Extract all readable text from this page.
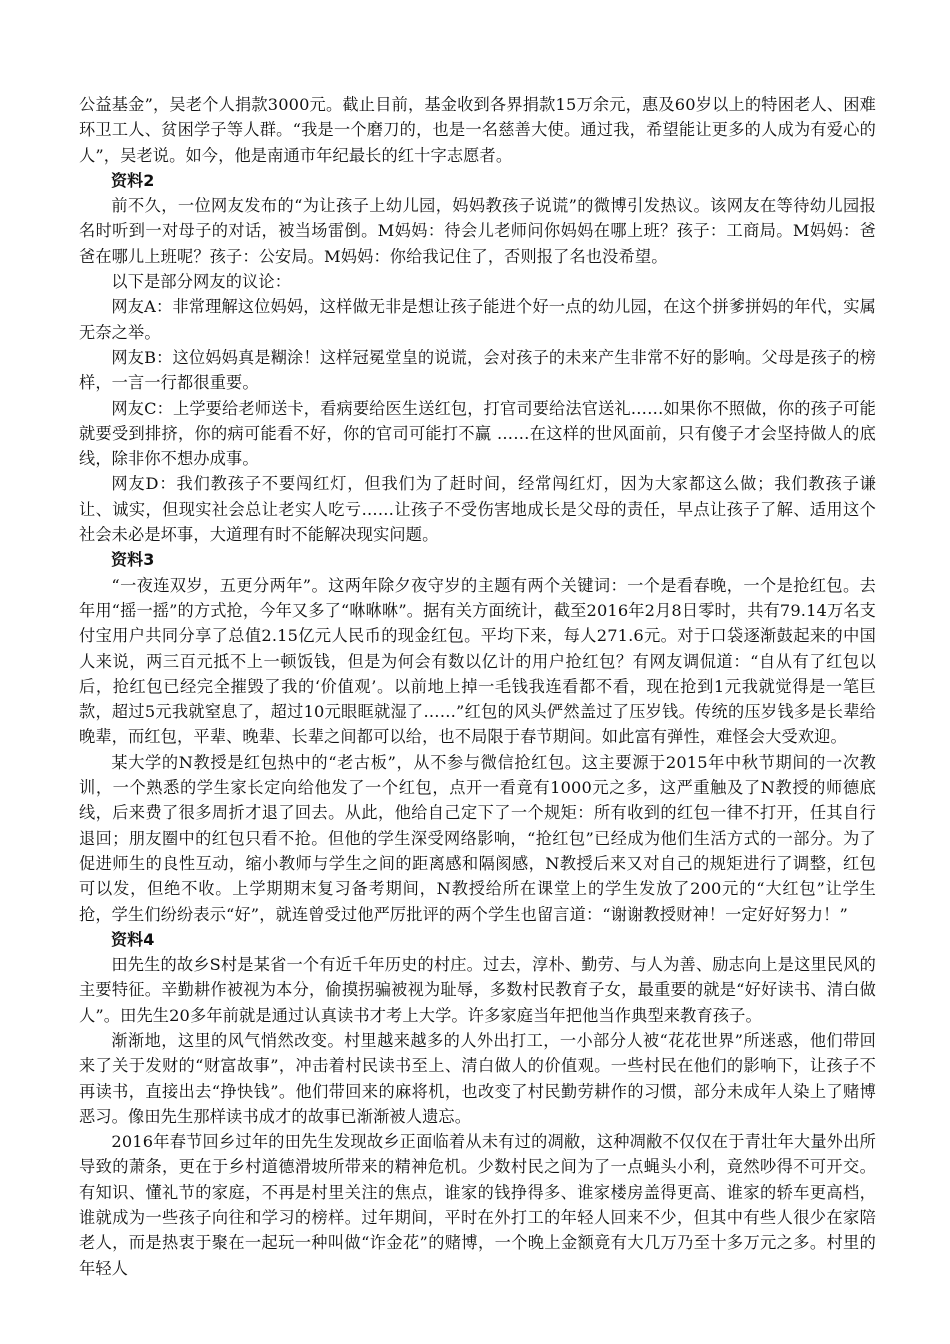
公益基金”，吴老个人捐款3000元。截止目前，基金收到各界捐款15万余元，惠及60岁以上的特困老人、困难环卫工人、贫困学子等人群。“我是一个磨刀的，也是一名慈善大使。通过我，希望能让更多的人成为有爱心的人”，吴老说。如今，他是南通市年纪最长的红十字志愿者。

资料2

前不久，一位网友发布的“为让孩子上幼儿园，妈妈教孩子说谎”的微博引发热议。该网友在等待幼儿园报名时听到一对母子的对话，被当场雷倒。M妈妈：待会儿老师问你妈妈在哪上班？孩子：工商局。M妈妈：爸爸在哪儿上班呢？孩子：公安局。M妈妈：你给我记住了，否则报了名也没希望。

以下是部分网友的议论：

网友A：非常理解这位妈妈，这样做无非是想让孩子能进个好一点的幼儿园，在这个拼爹拼妈的年代，实属无奈之举。

网友B：这位妈妈真是糊涂！这样冠冕堂皇的说谎，会对孩子的未来产生非常不好的影响。父母是孩子的榜样，一言一行都很重要。

网友C：上学要给老师送卡，看病要给医生送红包，打官司要给法官送礼……如果你不照做，你的孩子可能就要受到排挤，你的病可能看不好，你的官司可能打不赢 ……在这样的世风面前，只有傻子才会坚持做人的底线，除非你不想办成事。

网友D：我们教孩子不要闯红灯，但我们为了赶时间，经常闯红灯，因为大家都这么做；我们教孩子谦让、诚实，但现实社会总让老实人吃亏……让孩子不受伤害地成长是父母的责任，早点让孩子了解、适用这个社会未必是坏事，大道理有时不能解决现实问题。

资料3

“一夜连双岁，五更分两年”。这两年除夕夜守岁的主题有两个关键词：一个是看春晚，一个是抢红包。去年用“摇一摇”的方式抢，今年又多了“咻咻咻”。据有关方面统计，截至2016年2月8日零时，共有79.14万名支付宝用户共同分享了总值2.15亿元人民币的现金红包。平均下来，每人271.6元。对于口袋逐渐鼓起来的中国人来说，两三百元抵不上一顿饭钱，但是为何会有数以亿计的用户抢红包？有网友调侃道：“自从有了红包以后，抢红包已经完全摧毁了我的‘价值观’。以前地上掉一毛钱我连看都不看，现在抢到1元我就觉得是一笔巨款，超过5元我就窒息了，超过10元眼眶就湿了……”红包的风头俨然盖过了压岁钱。传统的压岁钱多是长辈给晚辈，而红包，平辈、晚辈、长辈之间都可以给，也不局限于春节期间。如此富有弹性，难怪会大受欢迎。

某大学的N教授是红包热中的“老古板”，从不参与微信抢红包。这主要源于2015年中秋节期间的一次教训，一个熟悉的学生家长定向给他发了一个红包，点开一看竟有1000元之多，这严重触及了N教授的师德底线，后来费了很多周折才退了回去。从此，他给自己定下了一个规矩：所有收到的红包一律不打开，任其自行退回；朋友圈中的红包只看不抢。但他的学生深受网络影响，“抢红包”已经成为他们生活方式的一部分。为了促进师生的良性互动，缩小教师与学生之间的距离感和隔阂感，N教授后来又对自己的规矩进行了调整，红包可以发，但绝不收。上学期期末复习备考期间，N教授给所在课堂上的学生发放了200元的“大红包”让学生抢，学生们纷纷表示“好”，就连曾受过他严厉批评的两个学生也留言道：“谢谢教授财神！一定好好努力！”

资料4

田先生的故乡S村是某省一个有近千年历史的村庄。过去，淳朴、勤劳、与人为善、励志向上是这里民风的主要特征。辛勤耕作被视为本分，偷摸拐骗被视为耻辱，多数村民教育子女，最重要的就是“好好读书、清白做人”。田先生20多年前就是通过认真读书才考上大学。许多家庭当年把他当作典型来教育孩子。

渐渐地，这里的风气悄然改变。村里越来越多的人外出打工，一小部分人被“花花世界”所迷惑，他们带回来了关于发财的“财富故事”，冲击着村民读书至上、清白做人的价值观。一些村民在他们的影响下，让孩子不再读书，直接出去“挣快钱”。他们带回来的麻将机，也改变了村民勤劳耕作的习惯，部分未成年人染上了赌博恶习。像田先生那样读书成才的故事已渐渐被人遗忘。

2016年春节回乡过年的田先生发现故乡正面临着从未有过的凋敝，这种凋敝不仅仅在于青壮年大量外出所导致的萧条，更在于乡村道德滑坡所带来的精神危机。少数村民之间为了一点蝇头小利，竟然吵得不可开交。有知识、懂礼节的家庭，不再是村里关注的焦点，谁家的钱挣得多、谁家楼房盖得更高、谁家的轿车更高档，谁就成为一些孩子向往和学习的榜样。过年期间，平时在外打工的年轻人回来不少，但其中有些人很少在家陪老人，而是热衷于聚在一起玩一种叫做“诈金花”的赌博，一个晚上金额竟有大几万乃至十多万元之多。村里的年轻人
